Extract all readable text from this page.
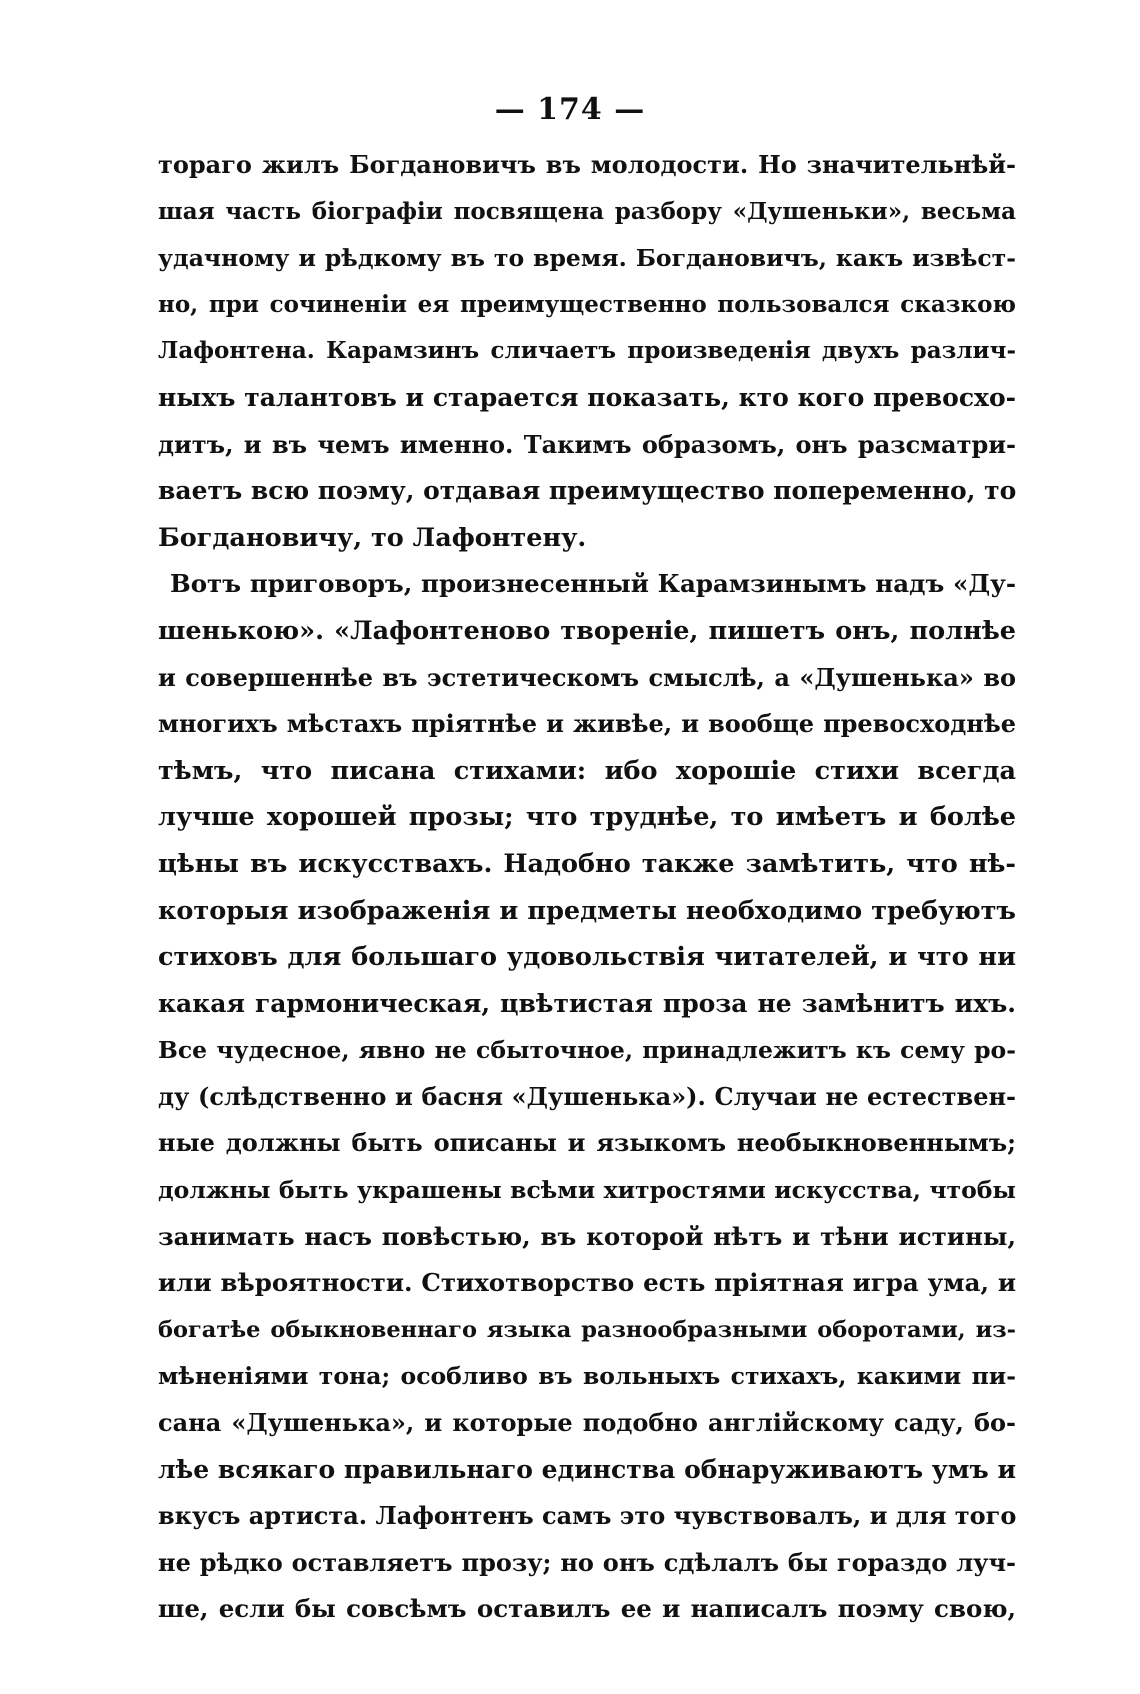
— 174 —
тораго жилъ Богдановичъ въ молодости. Но значительнѣй-
шая часть біографіи посвящена разбору «Душеньки», весьма
удачному и рѣдкому въ то время. Богдановичъ, какъ извѣст-
но, при сочиненіи ея преимущественно пользовался сказкою
Лафонтена. Карамзинъ сличаетъ произведенія двухъ различ-
ныхъ талантовъ и старается показать, кто кого превосхо-
дитъ, и въ чемъ именно. Такимъ образомъ, онъ разсматри-
ваетъ всю поэму, отдавая преимущество попеременно, то
Богдановичу, то Лафонтену.
Вотъ приговоръ, произнесенный Карамзинымъ надъ «Ду-
шенькою». «Лафонтеново твореніе, пишетъ онъ, полнѣе
и совершеннѣе въ эстетическомъ смыслѣ, а «Душенька» во
многихъ мѣстахъ пріятнѣе и живѣе, и вообще превосходнѣе
тѣмъ, что писана стихами: ибо хорошіе стихи всегда
лучше хорошей прозы; что труднѣе, то имѣетъ и болѣе
цѣны въ искусствахъ. Надобно также замѣтить, что нѣ-
которыя изображенія и предметы необходимо требуютъ
стиховъ для большаго удовольствія читателей, и что ни
какая гармоническая, цвѣтистая проза не замѣнитъ ихъ.
Все чудесное, явно не сбыточное, принадлежитъ къ сему ро-
ду (слѣдственно и басня «Душенька»). Случаи не естествен-
ные должны быть описаны и языкомъ необыкновеннымъ;
должны быть украшены всѣми хитростями искусства, чтобы
занимать насъ повѣстью, въ которой нѣтъ и тѣни истины,
или вѣроятности. Стихотворство есть пріятная игра ума, и
богатѣе обыкновеннаго языка разнообразными оборотами, из-
мѣненіями тона; особливо въ вольныхъ стихахъ, какими пи-
сана «Душенька», и которые подобно англійскому саду, бо-
лѣе всякаго правильнаго единства обнаруживаютъ умъ и
вкусъ артиста. Лафонтенъ самъ это чувствовалъ, и для того
не рѣдко оставляетъ прозу; но онъ сдѣлалъ бы гораздо луч-
ше, если бы совсѣмъ оставилъ ее и написалъ поэму свою,
